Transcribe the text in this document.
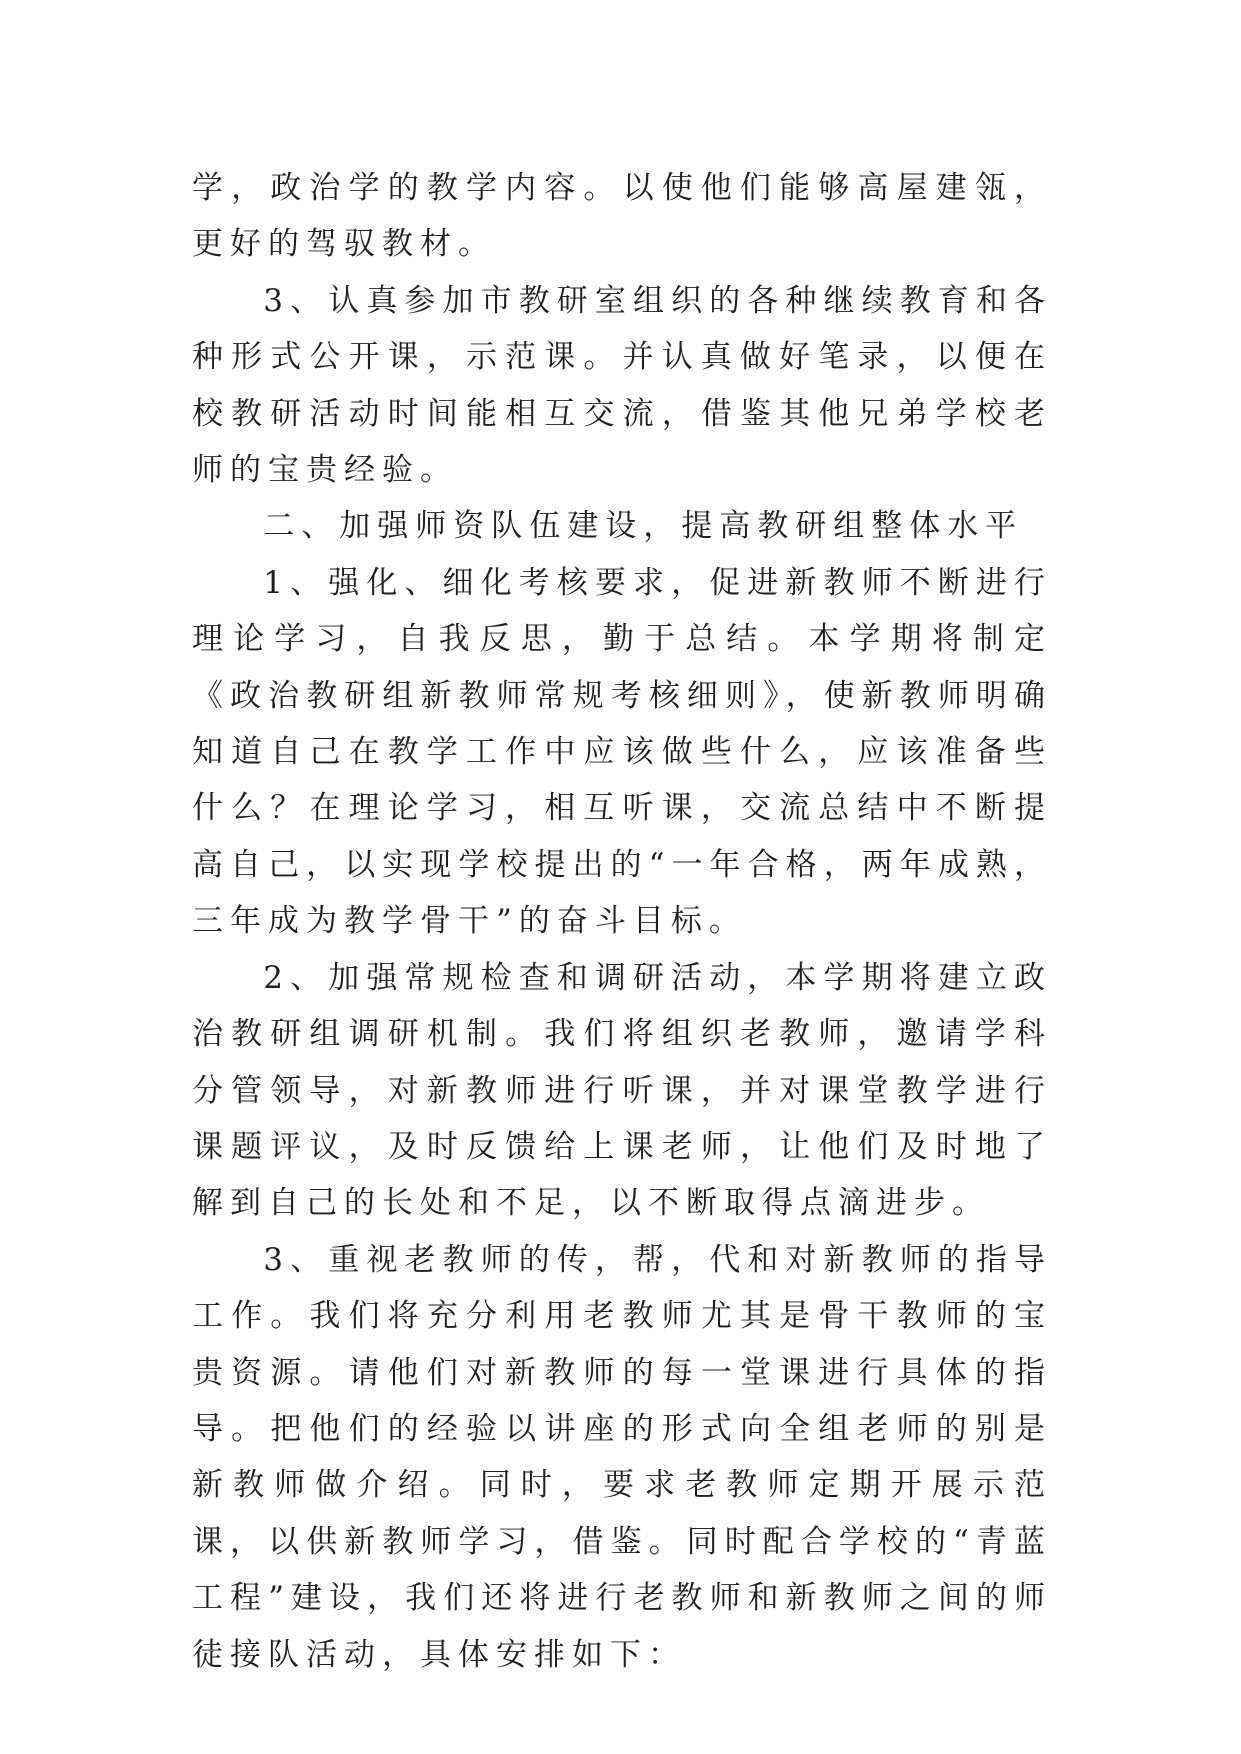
学，政治学的教学内容。以使他们能够高屋建瓴，更好的驾驭教材。

3、认真参加市教研室组织的各种继续教育和各种形式公开课，示范课。并认真做好笔录，以便在校教研活动时间能相互交流，借鉴其他兄弟学校老师的宝贵经验。

二、加强师资队伍建设，提高教研组整体水平

1、强化、细化考核要求，促进新教师不断进行理论学习，自我反思，勤于总结。本学期将制定《政治教研组新教师常规考核细则》，使新教师明确知道自己在教学工作中应该做些什么，应该准备些什么？在理论学习，相互听课，交流总结中不断提高自己，以实现学校提出的“一年合格，两年成熟，三年成为教学骨干”的奋斗目标。

2、加强常规检查和调研活动，本学期将建立政治教研组调研机制。我们将组织老教师，邀请学科分管领导，对新教师进行听课，并对课堂教学进行课题评议，及时反馈给上课老师，让他们及时地了解到自己的长处和不足，以不断取得点滴进步。

3、重视老教师的传，帮，代和对新教师的指导工作。我们将充分利用老教师尤其是骨干教师的宝贵资源。请他们对新教师的每一堂课进行具体的指导。把他们的经验以讲座的形式向全组老师的别是新教师做介绍。同时，要求老教师定期开展示范课，以供新教师学习，借鉴。同时配合学校的“青蓝工程”建设，我们还将进行老教师和新教师之间的师徒接队活动，具体安排如下：
